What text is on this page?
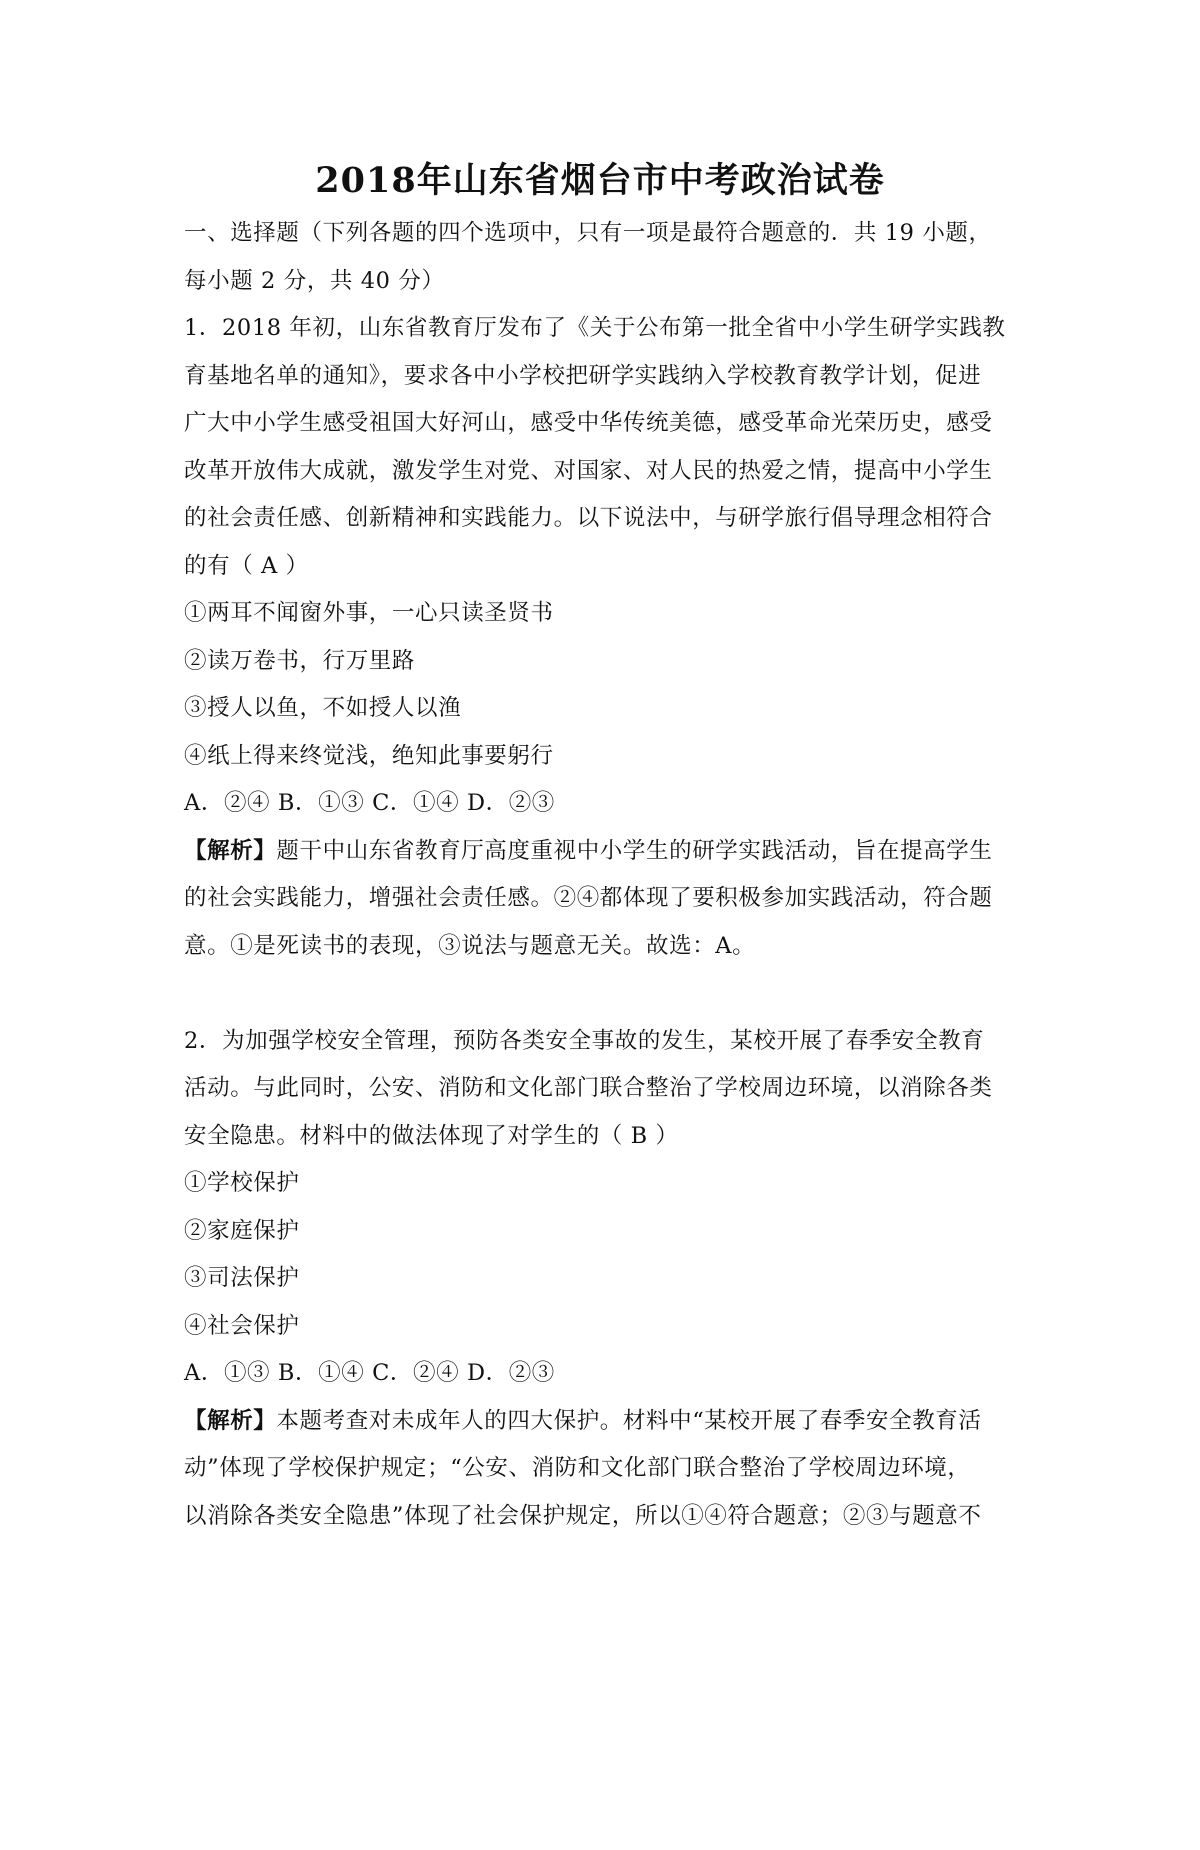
2018年山东省烟台市中考政治试卷
一、选择题（下列各题的四个选项中，只有一项是最符合题意的．共 19 小题，
每小题 2 分，共 40 分）
1．2018 年初，山东省教育厅发布了《关于公布第一批全省中小学生研学实践教
育基地名单的通知》，要求各中小学校把研学实践纳入学校教育教学计划，促进
广大中小学生感受祖国大好河山，感受中华传统美德，感受革命光荣历史，感受
改革开放伟大成就，激发学生对党、对国家、对人民的热爱之情，提高中小学生
的社会责任感、创新精神和实践能力。以下说法中，与研学旅行倡导理念相符合
的有（ A ）
①两耳不闻窗外事，一心只读圣贤书
②读万卷书，行万里路
③授人以鱼，不如授人以渔
④纸上得来终觉浅，绝知此事要躬行
A．②④ B．①③ C．①④ D．②③
【解析】题干中山东省教育厅高度重视中小学生的研学实践活动，旨在提高学生
的社会实践能力，增强社会责任感。②④都体现了要积极参加实践活动，符合题
意。①是死读书的表现，③说法与题意无关。故选：A。
2．为加强学校安全管理，预防各类安全事故的发生，某校开展了春季安全教育
活动。与此同时，公安、消防和文化部门联合整治了学校周边环境，以消除各类
安全隐患。材料中的做法体现了对学生的（ B ）
①学校保护
②家庭保护
③司法保护
④社会保护
A．①③ B．①④ C．②④ D．②③
【解析】本题考查对未成年人的四大保护。材料中“某校开展了春季安全教育活
动”体现了学校保护规定；“公安、消防和文化部门联合整治了学校周边环境，
以消除各类安全隐患”体现了社会保护规定，所以①④符合题意；②③与题意不
